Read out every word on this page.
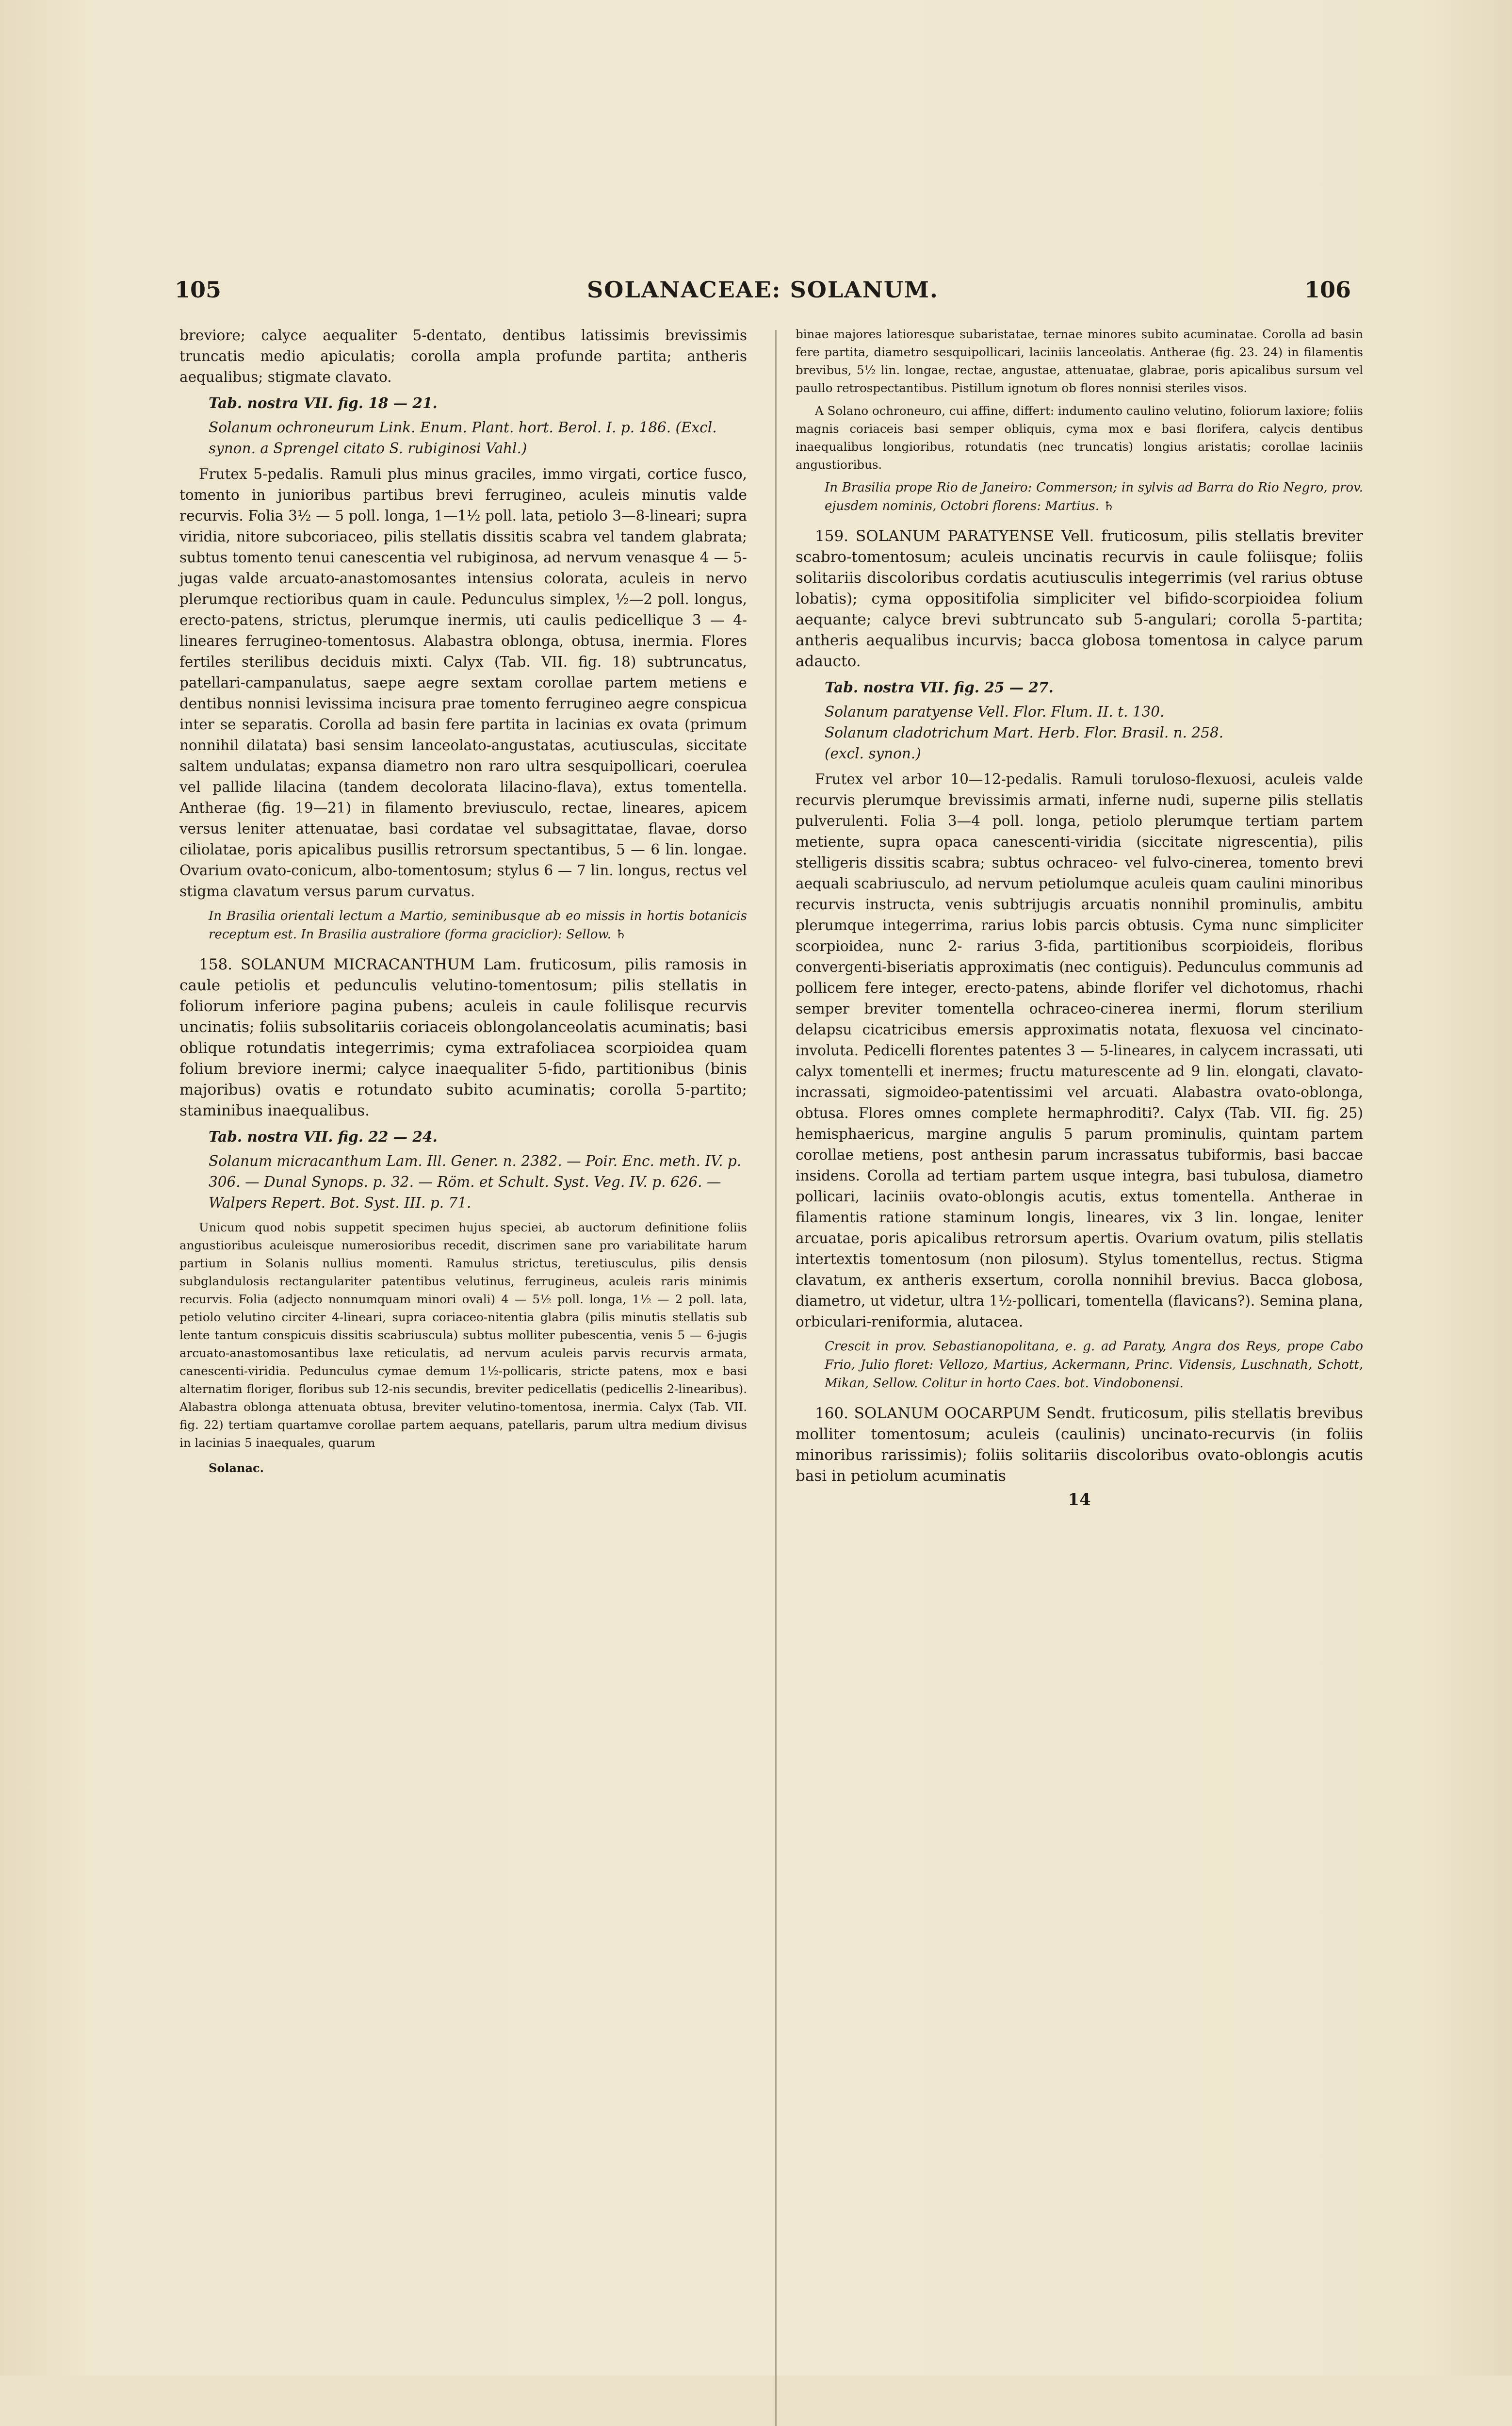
105	SOLANACEAE: SOLANUM.	106

breviore; calyce aequaliter 5-dentato, dentibus latissimis brevissimis truncatis medio apiculatis; corolla ampla profunde partita; antheris aequalibus; stigmate clavato.

Tab. nostra VII. fig. 18 — 21.

Solanum ochroneurum Link. Enum. Plant. hort. Berol. I. p. 186. (Excl. synon. a Sprengel citato S. rubiginosi Vahl.)

Frutex 5-pedalis. Ramuli plus minus graciles, immo virgati, cortice fusco, tomento in junioribus partibus brevi ferrugineo, aculeis minutis valde recurvis. Folia 3½ — 5 poll. longa, 1—1½ poll. lata, petiolo 3—8-lineari; supra viridia, nitore subcoriaceo, pilis stellatis dissitis scabra vel tandem glabrata; subtus tomento tenui canescentia vel rubiginosa, ad nervum venasque 4 — 5-jugas valde arcuato-anastomosantes intensius colorata, aculeis in nervo plerumque rectioribus quam in caule. Pedunculus simplex, ½—2 poll. longus, erecto-patens, strictus, plerumque inermis, uti caulis pedicellique 3 — 4-lineares ferrugineo-tomentosus. Alabastra oblonga, obtusa, inermia. Flores fertiles sterilibus deciduis mixti. Calyx (Tab. VII. fig. 18) subtruncatus, patellari-campanulatus, saepe aegre sextam corollae partem metiens e dentibus nonnisi levissima incisura prae tomento ferrugineo aegre conspicua inter se separatis. Corolla ad basin fere partita in lacinias ex ovata (primum nonnihil dilatata) basi sensim lanceolato-angustatas, acutiusculas, siccitate saltem undulatas; expansa diametro non raro ultra sesquipollicari, coerulea vel pallide lilacina (tandem decolorata lilacino-flava), extus tomentella. Antherae (fig. 19—21) in filamento breviusculo, rectae, lineares, apicem versus leniter attenuatae, basi cordatae vel subsagittatae, flavae, dorso ciliolatae, poris apicalibus pusillis retrorsum spectantibus, 5 — 6 lin. longae. Ovarium ovato-conicum, albo-tomentosum; stylus 6 — 7 lin. longus, rectus vel stigma clavatum versus parum curvatus.

In Brasilia orientali lectum a Martio, seminibusque ab eo missis in hortis botanicis receptum est. In Brasilia australiore (forma graciclior): Sellow. ♄

158. SOLANUM MICRACANTHUM Lam. fruticosum, pilis ramosis in caule petiolis et pedunculis velutino-tomentosum; pilis stellatis in foliorum inferiore pagina pubens; aculeis in caule folilisque recurvis uncinatis; foliis subsolitariis coriaceis oblongolanceolatis acuminatis; basi oblique rotundatis integerrimis; cyma extrafoliacea scorpioidea quam folium breviore inermi; calyce inaequaliter 5-fido, partitionibus (binis majoribus) ovatis e rotundato subito acuminatis; corolla 5-partito; staminibus inaequalibus.

Tab. nostra VII. fig. 22 — 24.

Solanum micracanthum Lam. Ill. Gener. n. 2382. — Poir. Enc. meth. IV. p. 306. — Dunal Synops. p. 32. — Röm. et Schult. Syst. Veg. IV. p. 626. — Walpers Repert. Bot. Syst. III. p. 71.

Unicum quod nobis suppetit specimen hujus speciei, ab auctorum definitione foliis angustioribus aculeisque numerosioribus recedit, discrimen sane pro variabilitate harum partium in Solanis nullius momenti. Ramulus strictus, teretiusculus, pilis densis subglandulosis rectangulariter patentibus velutinus, ferrugineus, aculeis raris minimis recurvis. Folia (adjecto nonnumquam minori ovali) 4 — 5½ poll. longa, 1½ — 2 poll. lata, petiolo velutino circiter 4-lineari, supra coriaceo-nitentia glabra (pilis minutis stellatis sub lente tantum conspicuis dissitis scabriuscula) subtus molliter pubescentia, venis 5 — 6-jugis arcuato-anastomosantibus laxe reticulatis, ad nervum aculeis parvis recurvis armata, canescenti-viridia. Pedunculus cymae demum 1½-pollicaris, stricte patens, mox e basi alternatim floriger, floribus sub 12-nis secundis, breviter pedicellatis (pedicellis 2-linearibus). Alabastra oblonga attenuata obtusa, breviter velutino-tomentosa, inermia. Calyx (Tab. VII. fig. 22) tertiam quartamve corollae partem aequans, patellaris, parum ultra medium divisus in lacinias 5 inaequales, quarum

Solanac.

binae majores latioresque subaristatae, ternae minores subito acuminatae. Corolla ad basin fere partita, diametro sesquipollicari, laciniis lanceolatis. Antherae (fig. 23. 24) in filamentis brevibus, 5½ lin. longae, rectae, angustae, attenuatae, glabrae, poris apicalibus sursum vel paullo retrospectantibus. Pistillum ignotum ob flores nonnisi steriles visos.

A Solano ochroneuro, cui affine, differt: indumento caulino velutino, foliorum laxiore; foliis magnis coriaceis basi semper obliquis, cyma mox e basi florifera, calycis dentibus inaequalibus longioribus, rotundatis (nec truncatis) longius aristatis; corollae laciniis angustioribus.

In Brasilia prope Rio de Janeiro: Commerson; in sylvis ad Barra do Rio Negro, prov. ejusdem nominis, Octobri florens: Martius. ♄

159. SOLANUM PARATYENSE Vell. fruticosum, pilis stellatis breviter scabro-tomentosum; aculeis uncinatis recurvis in caule foliisque; foliis solitariis discoloribus cordatis acutiusculis integerrimis (vel rarius obtuse lobatis); cyma oppositifolia simpliciter vel bifido-scorpioidea folium aequante; calyce brevi subtruncato sub 5-angulari; corolla 5-partita; antheris aequalibus incurvis; bacca globosa tomentosa in calyce parum adaucto.

Tab. nostra VII. fig. 25 — 27.

Solanum paratyense Vell. Flor. Flum. II. t. 130.
Solanum cladotrichum Mart. Herb. Flor. Brasil. n. 258.
(excl. synon.)

Frutex vel arbor 10—12-pedalis. Ramuli toruloso-flexuosi, aculeis valde recurvis plerumque brevissimis armati, inferne nudi, superne pilis stellatis pulverulenti. Folia 3—4 poll. longa, petiolo plerumque tertiam partem metiente, supra opaca canescenti-viridia (siccitate nigrescentia), pilis stelligeris dissitis scabra; subtus ochraceo- vel fulvo-cinerea, tomento brevi aequali scabriusculo, ad nervum petiolumque aculeis quam caulini minoribus recurvis instructa, venis subtrijugis arcuatis nonnihil prominulis, ambitu plerumque integerrima, rarius lobis parcis obtusis. Cyma nunc simpliciter scorpioidea, nunc 2- rarius 3-fida, partitionibus scorpioideis, floribus convergenti-biseriatis approximatis (nec contiguis). Pedunculus communis ad pollicem fere integer, erecto-patens, abinde florifer vel dichotomus, rhachi semper breviter tomentella ochraceo-cinerea inermi, florum sterilium delapsu cicatricibus emersis approximatis notata, flexuosa vel cincinato-involuta. Pedicelli florentes patentes 3 — 5-lineares, in calycem incrassati, uti calyx tomentelli et inermes; fructu maturescente ad 9 lin. elongati, clavato-incrassati, sigmoideo-patentissimi vel arcuati. Alabastra ovato-oblonga, obtusa. Flores omnes complete hermaphroditi?. Calyx (Tab. VII. fig. 25) hemisphaericus, margine angulis 5 parum prominulis, quintam partem corollae metiens, post anthesin parum incrassatus tubiformis, basi baccae insidens. Corolla ad tertiam partem usque integra, basi tubulosa, diametro pollicari, laciniis ovato-oblongis acutis, extus tomentella. Antherae in filamentis ratione staminum longis, lineares, vix 3 lin. longae, leniter arcuatae, poris apicalibus retrorsum apertis. Ovarium ovatum, pilis stellatis intertextis tomentosum (non pilosum). Stylus tomentellus, rectus. Stigma clavatum, ex antheris exsertum, corolla nonnihil brevius. Bacca globosa, diametro, ut videtur, ultra 1½-pollicari, tomentella (flavicans?). Semina plana, orbiculari-reniformia, alutacea.

Crescit in prov. Sebastianopolitana, e. g. ad Paraty, Angra dos Reys, prope Cabo Frio, Julio floret: Vellozo, Martius, Ackermann, Princ. Vidensis, Luschnath, Schott, Mikan, Sellow. Colitur in horto Caes. bot. Vindobonensi.

160. SOLANUM OOCARPUM Sendt. fruticosum, pilis stellatis brevibus molliter tomentosum; aculeis (caulinis) uncinato-recurvis (in foliis minoribus rarissimis); foliis solitariis discoloribus ovato-oblongis acutis basi in petiolum acuminatis

14
